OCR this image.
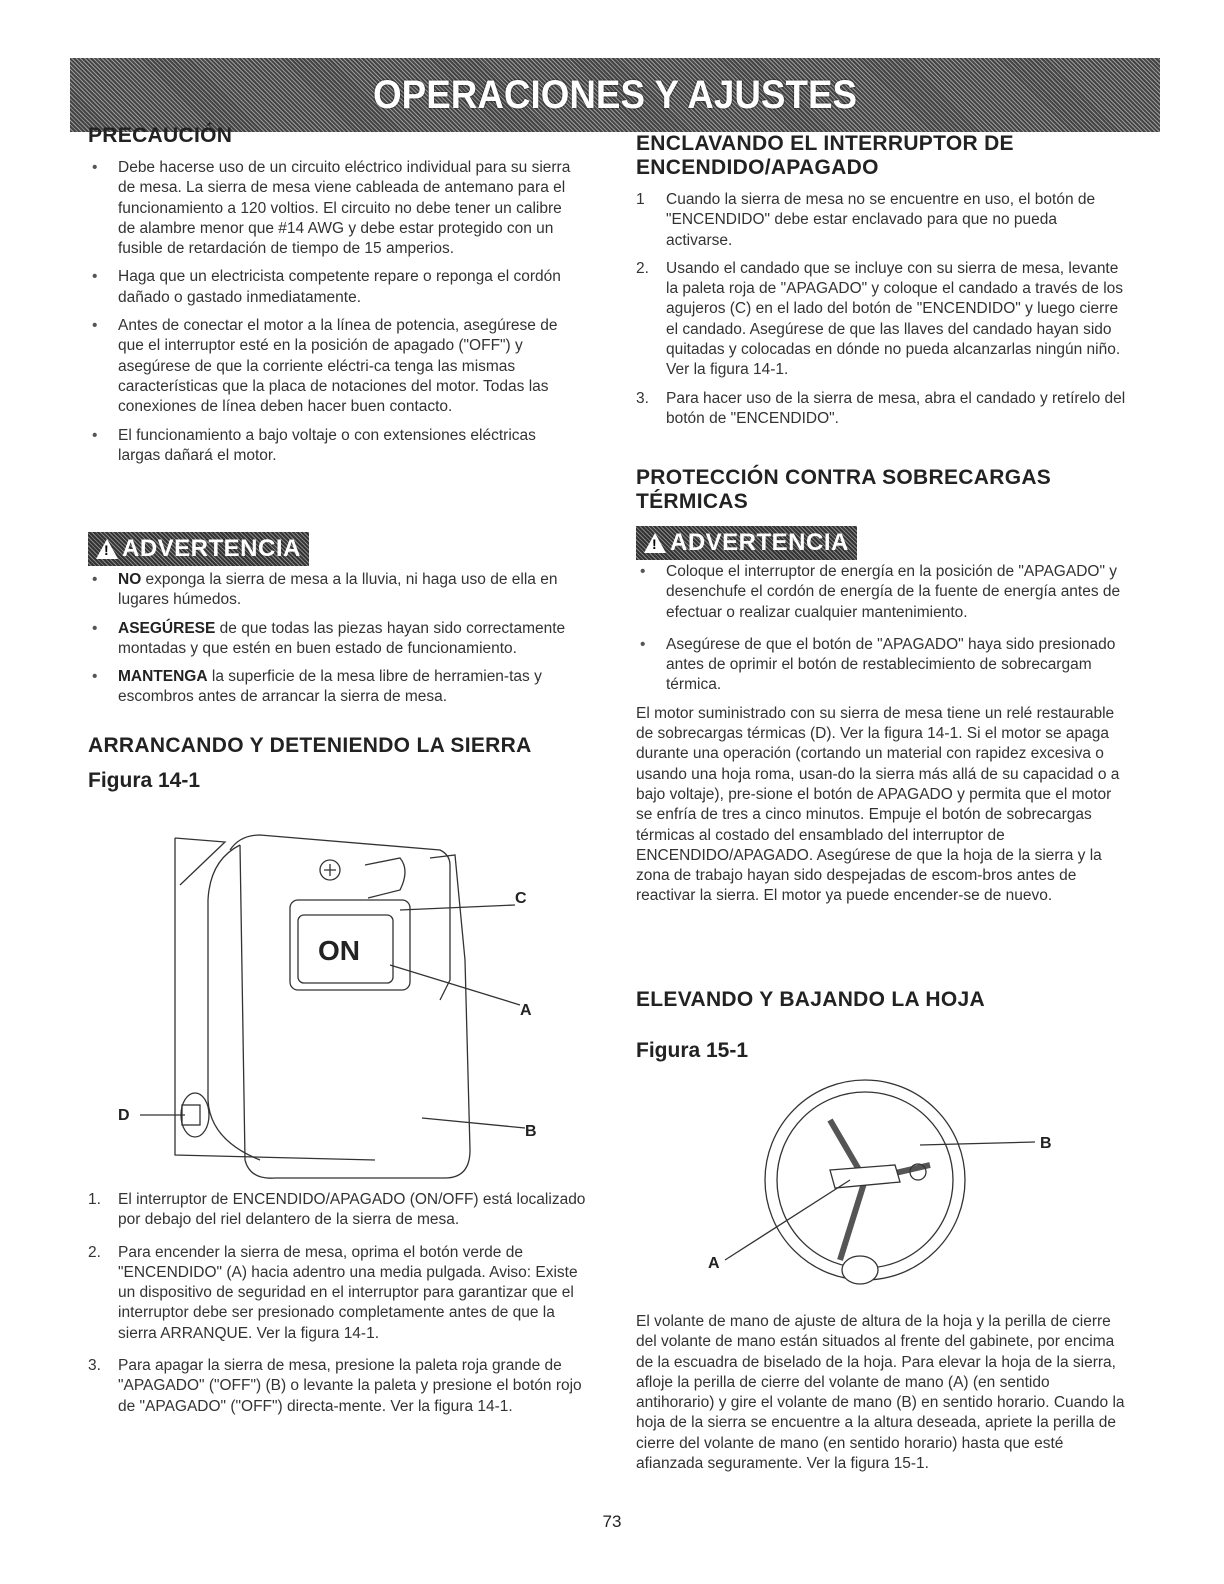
OPERACIONES Y AJUSTES
PRECAUCIÓN
• Debe hacerse uso de un circuito eléctrico individual para su sierra de mesa. La sierra de mesa viene cableada de antemano para el funcionamiento a 120 voltios. El circuito no debe tener un calibre de alambre menor que #14 AWG y debe estar protegido con un fusible de retardación de tiempo de 15 amperios.
• Haga que un electricista competente repare o reponga el cordón dañado o gastado inmediatamente.
• Antes de conectar el motor a la línea de potencia, asegúrese de que el interruptor esté en la posición de apagado ("OFF") y asegúrese de que la corriente eléctri-ca tenga las mismas características que la placa de notaciones del motor. Todas las conexiones de línea deben hacer buen contacto.
• El funcionamiento a bajo voltaje o con extensiones eléctricas largas dañará el motor.
!
ADVERTENCIA
• NO exponga la sierra de mesa a la lluvia, ni haga uso de ella en lugares húmedos.
• ASEGÚRESE de que todas las piezas hayan sido correctamente montadas y que estén en buen estado de funcionamiento.
• MANTENGA la superficie de la mesa libre de herramien-tas y escombros antes de arrancar la sierra de mesa.
ARRANCANDO Y DETENIENDO LA SIERRA
Figura 14-1
ON
C
A
B
D
1. El interruptor de ENCENDIDO/APAGADO (ON/OFF) está localizado por debajo del riel delantero de la sierra de mesa.
2. Para encender la sierra de mesa, oprima el botón verde de "ENCENDIDO" (A) hacia adentro una media pulgada. Aviso: Existe un dispositivo de seguridad en el interruptor para garantizar que el interruptor debe ser presionado completamente antes de que la sierra ARRANQUE. Ver la figura 14-1.
3. Para apagar la sierra de mesa, presione la paleta roja grande de "APAGADO" ("OFF") (B) o levante la paleta y presione el botón rojo de "APAGADO" ("OFF") directa-mente. Ver la figura 14-1.
ENCLAVANDO EL INTERRUPTOR DE ENCENDIDO/APAGADO
1 Cuando la sierra de mesa no se encuentre en uso, el botón de "ENCENDIDO" debe estar enclavado para que no pueda activarse.
2. Usando el candado que se incluye con su sierra de mesa, levante la paleta roja de "APAGADO" y coloque el candado a través de los agujeros (C) en el lado del botón de "ENCENDIDO" y luego cierre el candado. Asegúrese de que las llaves del candado hayan sido quitadas y colocadas en dónde no pueda alcanzarlas ningún niño. Ver la figura 14-1.
3. Para hacer uso de la sierra de mesa, abra el candado y retírelo del botón de "ENCENDIDO".
PROTECCIÓN CONTRA SOBRECARGAS TÉRMICAS
!
ADVERTENCIA
• Coloque el interruptor de energía en la posición de "APAGADO" y desenchufe el cordón de energía de la fuente de energía antes de efectuar o realizar cualquier mantenimiento.
• Asegúrese de que el botón de "APAGADO" haya sido presionado antes de oprimir el botón de restablecimiento de sobrecargam térmica.

El motor suministrado con su sierra de mesa tiene un relé restaurable de sobrecargas térmicas (D). Ver la figura 14-1. Si el motor se apaga durante una operación (cortando un material con rapidez excesiva o usando una hoja roma, usan-do la sierra más allá de su capacidad o a bajo voltaje), pre-sione el botón de APAGADO y permita que el motor se enfría de tres a cinco minutos. Empuje el botón de sobrecargas térmicas al costado del ensamblado del interruptor de ENCENDIDO/APAGADO. Asegúrese de que la hoja de la sierra y la zona de trabajo hayan sido despejadas de escom-bros antes de reactivar la sierra. El motor ya puede encender-se de nuevo.

ELEVANDO Y BAJANDO LA HOJA
Figura 15-1
B
A

El volante de mano de ajuste de altura de la hoja y la perilla de cierre del volante de mano están situados al frente del gabinete, por encima de la escuadra de biselado de la hoja. Para elevar la hoja de la sierra, afloje la perilla de cierre del volante de mano (A) (en sentido antihorario) y gire el volante de mano (B) en sentido horario. Cuando la hoja de la sierra se encuentre a la altura deseada, apriete la perilla de cierre del volante de mano (en sentido horario) hasta que esté afianzada seguramente. Ver la figura 15-1.

73
